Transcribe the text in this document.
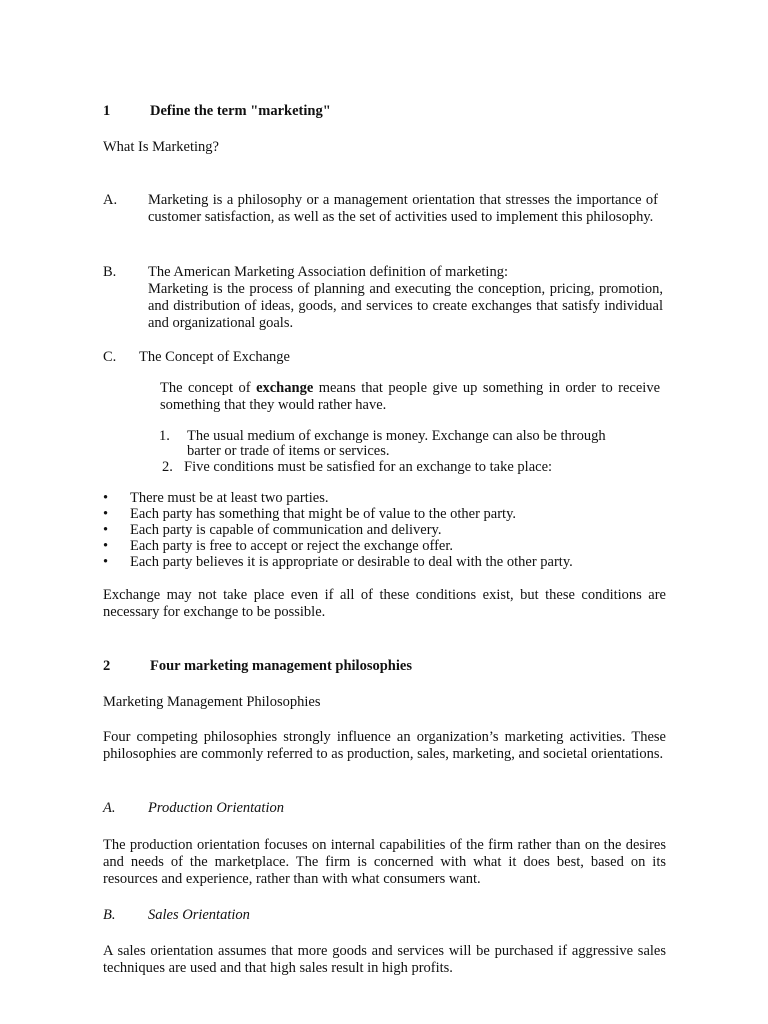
1	Define the term "marketing"
What Is Marketing?
A. Marketing is a philosophy or a management orientation that stresses the importance of customer satisfaction, as well as the set of activities used to implement this philosophy.
B. The American Marketing Association definition of marketing:
Marketing is the process of planning and executing the conception, pricing, promotion, and distribution of ideas, goods, and services to create exchanges that satisfy individual and organizational goals.
C. The Concept of Exchange
The concept of exchange means that people give up something in order to receive something that they would rather have.
1. The usual medium of exchange is money. Exchange can also be through
barter or trade of items or services.
2. Five conditions must be satisfied for an exchange to take place:
• There must be at least two parties.
• Each party has something that might be of value to the other party.
• Each party is capable of communication and delivery.
• Each party is free to accept or reject the exchange offer.
• Each party believes it is appropriate or desirable to deal with the other party.
Exchange may not take place even if all of these conditions exist, but these conditions are necessary for exchange to be possible.
2	Four marketing management philosophies
Marketing Management Philosophies
Four competing philosophies strongly influence an organization’s marketing activities. These philosophies are commonly referred to as production, sales, marketing, and societal orientations.
A. Production Orientation
The production orientation focuses on internal capabilities of the firm rather than on the desires and needs of the marketplace. The firm is concerned with what it does best, based on its resources and experience, rather than with what consumers want.
B. Sales Orientation
A sales orientation assumes that more goods and services will be purchased if aggressive sales techniques are used and that high sales result in high profits.
